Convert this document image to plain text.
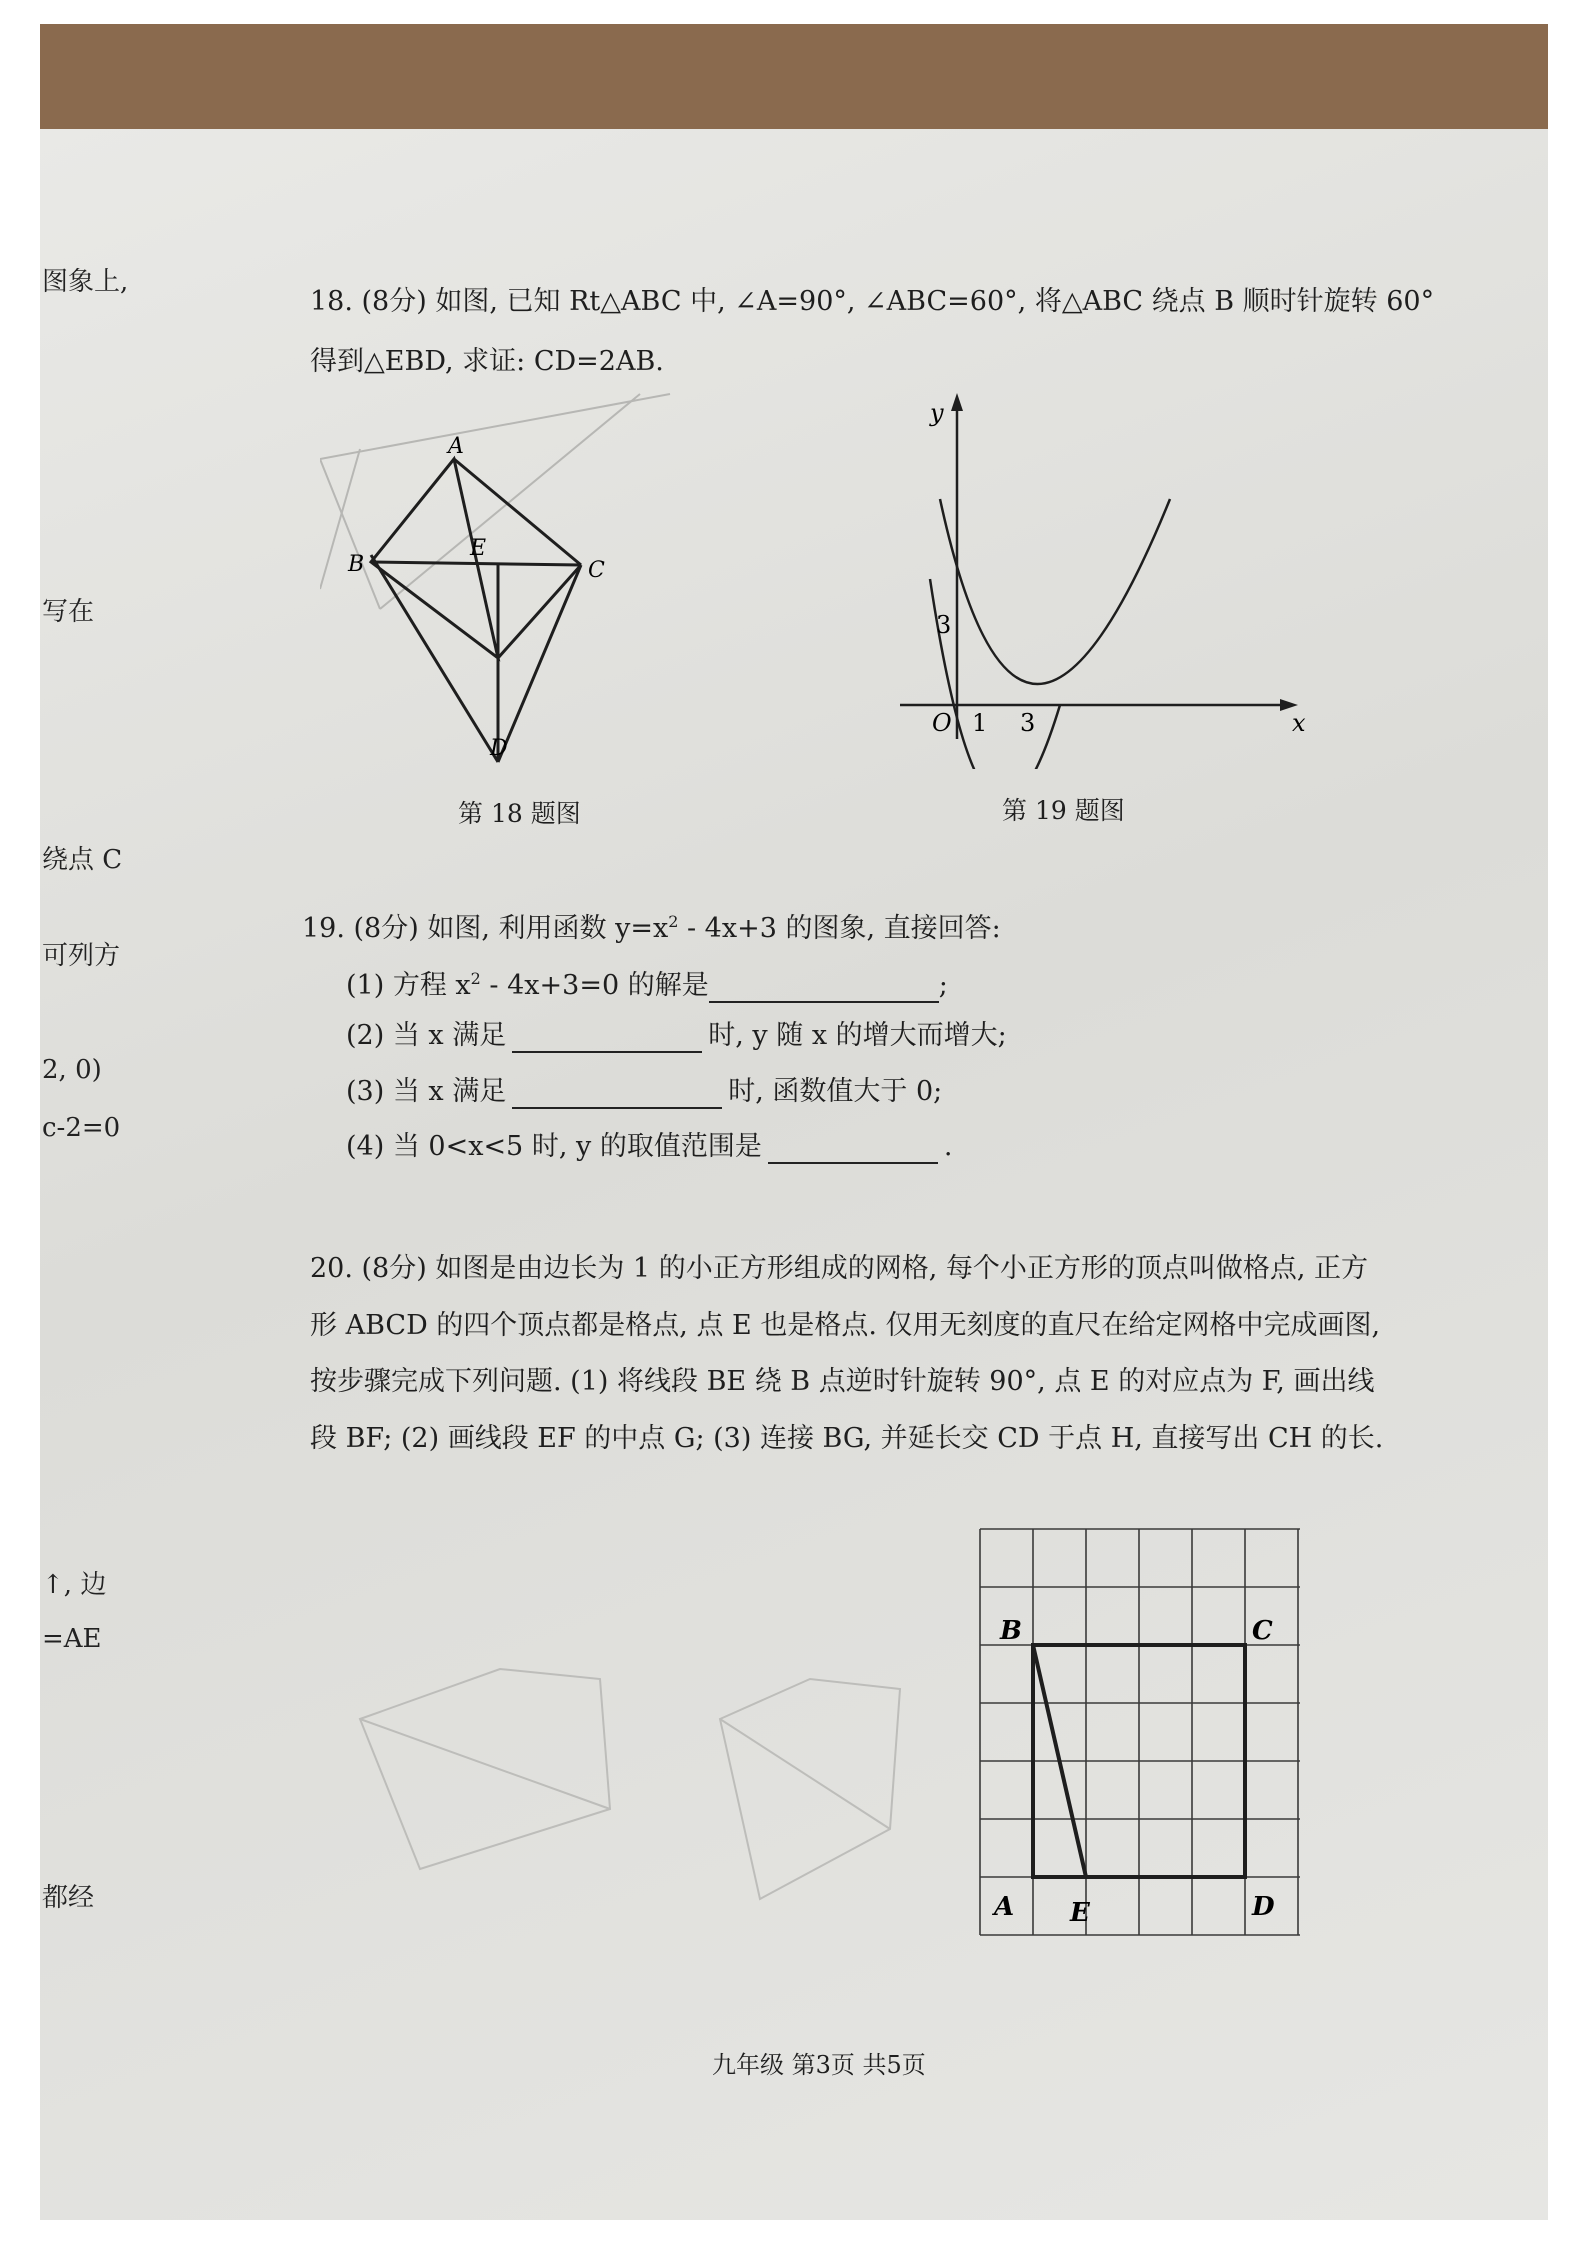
图象上,
写在
绕点 C
可列方
2, 0)
c-2=0
↑, 边
=AE
都经
18. (8分) 如图, 已知 Rt△ABC 中, ∠A=90°, ∠ABC=60°, 将△ABC 绕点 B 顺时针旋转 60°
得到△EBD, 求证: CD=2AB.
A
B
E
C
D
第 18 题图
y
x
O 1 3
3
第 19 题图
19. (8分) 如图, 利用函数 $y=x^2 - 4x+3$ 的图象, 直接回答:
(1) 方程 $x^2 - 4x+3=0$ 的解是	;
(2) 当 x 满足	时, y 随 x 的增大而增大;
(3) 当 x 满足	时, 函数值大于 0;
(4) 当 0<x<5 时, y 的取值范围是	.
20. (8分) 如图是由边长为 1 的小正方形组成的网格, 每个小正方形的顶点叫做格点, 正方
形 ABCD 的四个顶点都是格点, 点 E 也是格点. 仅用无刻度的直尺在给定网格中完成画图,
按步骤完成下列问题. (1) 将线段 BE 绕 B 点逆时针旋转 90°, 点 E 的对应点为 F, 画出线
段 BF; (2) 画线段 EF 的中点 G; (3) 连接 BG, 并延长交 CD 于点 H, 直接写出 CH 的长.
B	C
A E	D
九年级 第3页 共5页
